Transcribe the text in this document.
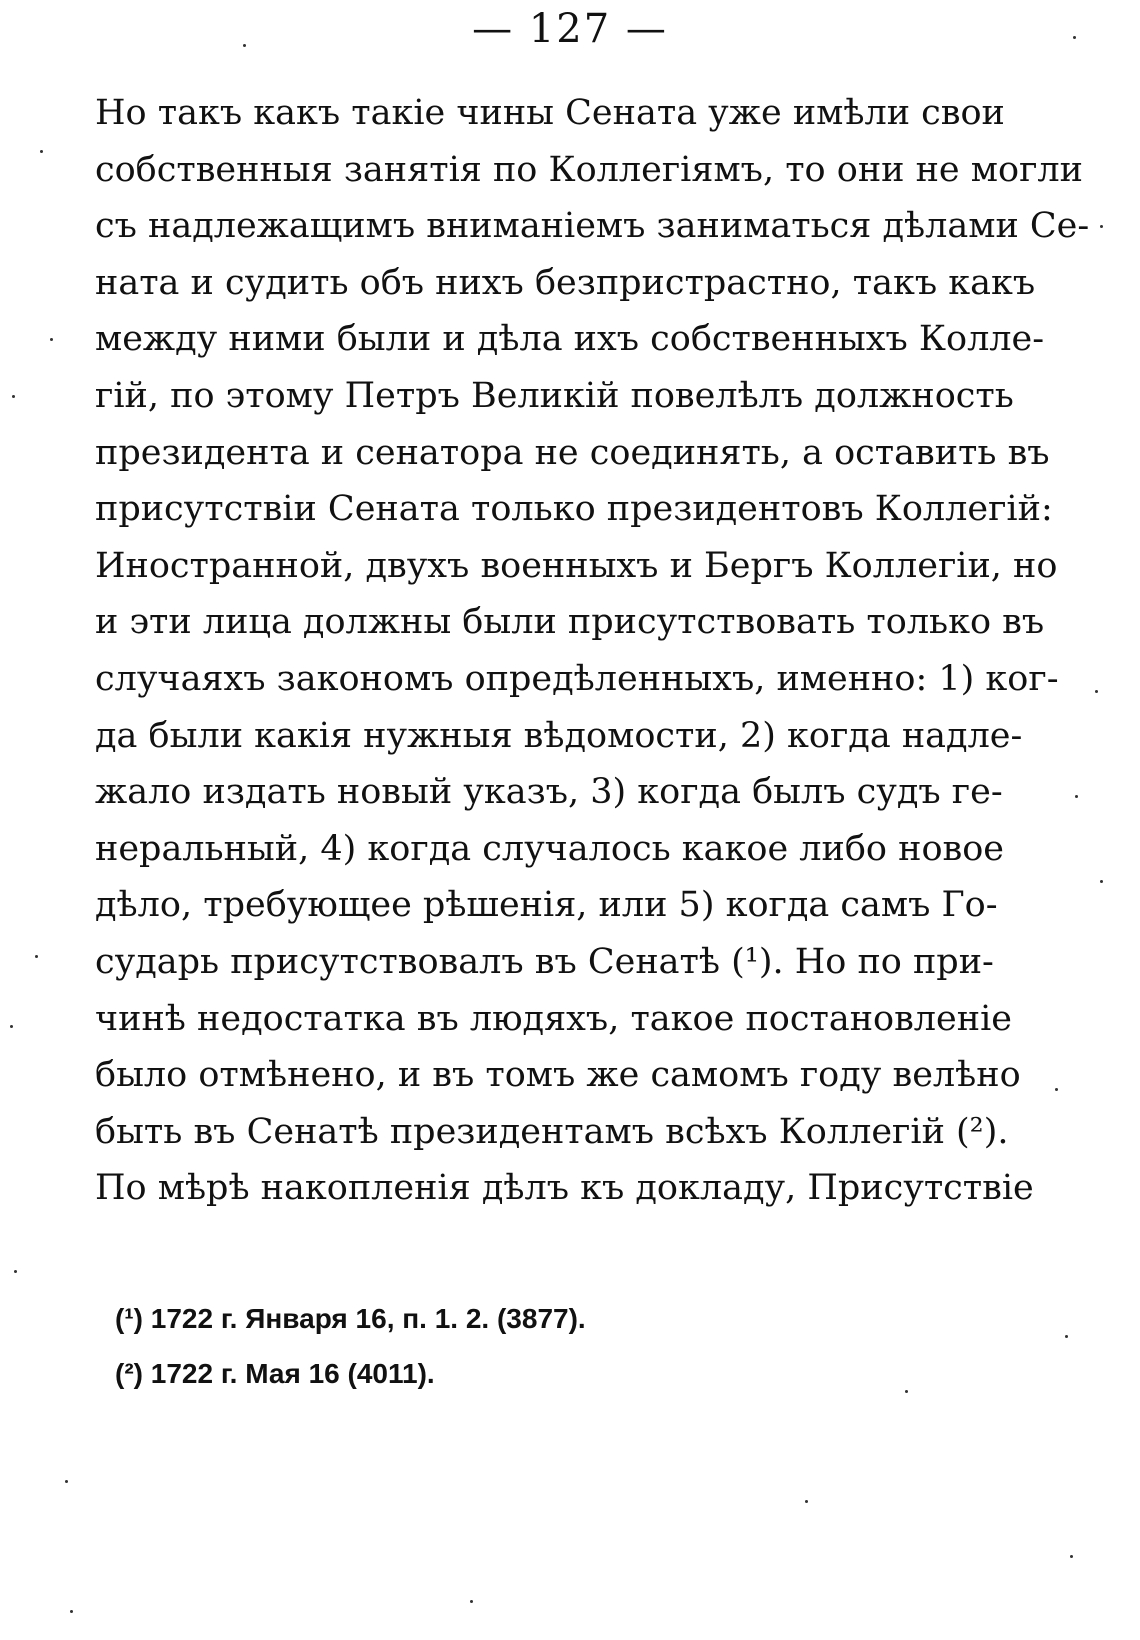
— 127 —
Но такъ какъ такіе чины Сената уже имѣли свои
собственныя занятія по Коллегіямъ, то они не могли
съ надлежащимъ вниманіемъ заниматься дѣлами Се-
ната и судить объ нихъ безпристрастно, такъ какъ
между ними были и дѣла ихъ собственныхъ Колле-
гій, по этому Петръ Великій повелѣлъ должность
президента и сенатора не соединять, а оставить въ
присутствіи Сената только президентовъ Коллегій:
Иностранной, двухъ военныхъ и Бергъ Коллегіи, но
и эти лица должны были присутствовать только въ
случаяхъ закономъ опредѣленныхъ, именно: 1) ког-
да были какія нужныя вѣдомости, 2) когда надле-
жало издать новый указъ, 3) когда былъ судъ ге-
неральный, 4) когда случалось какое либо новое
дѣло, требующее рѣшенія, или 5) когда самъ Го-
сударь присутствовалъ въ Сенатѣ (¹). Но по при-
чинѣ недостатка въ людяхъ, такое постановленіе
было отмѣнено, и въ томъ же самомъ году велѣно
быть въ Сенатѣ президентамъ всѣхъ Коллегій (²).
По мѣрѣ накопленія дѣлъ къ докладу, Присутствіе
(¹) 1722 г. Января 16, п. 1. 2. (3877).
(²) 1722 г. Мая 16 (4011).
